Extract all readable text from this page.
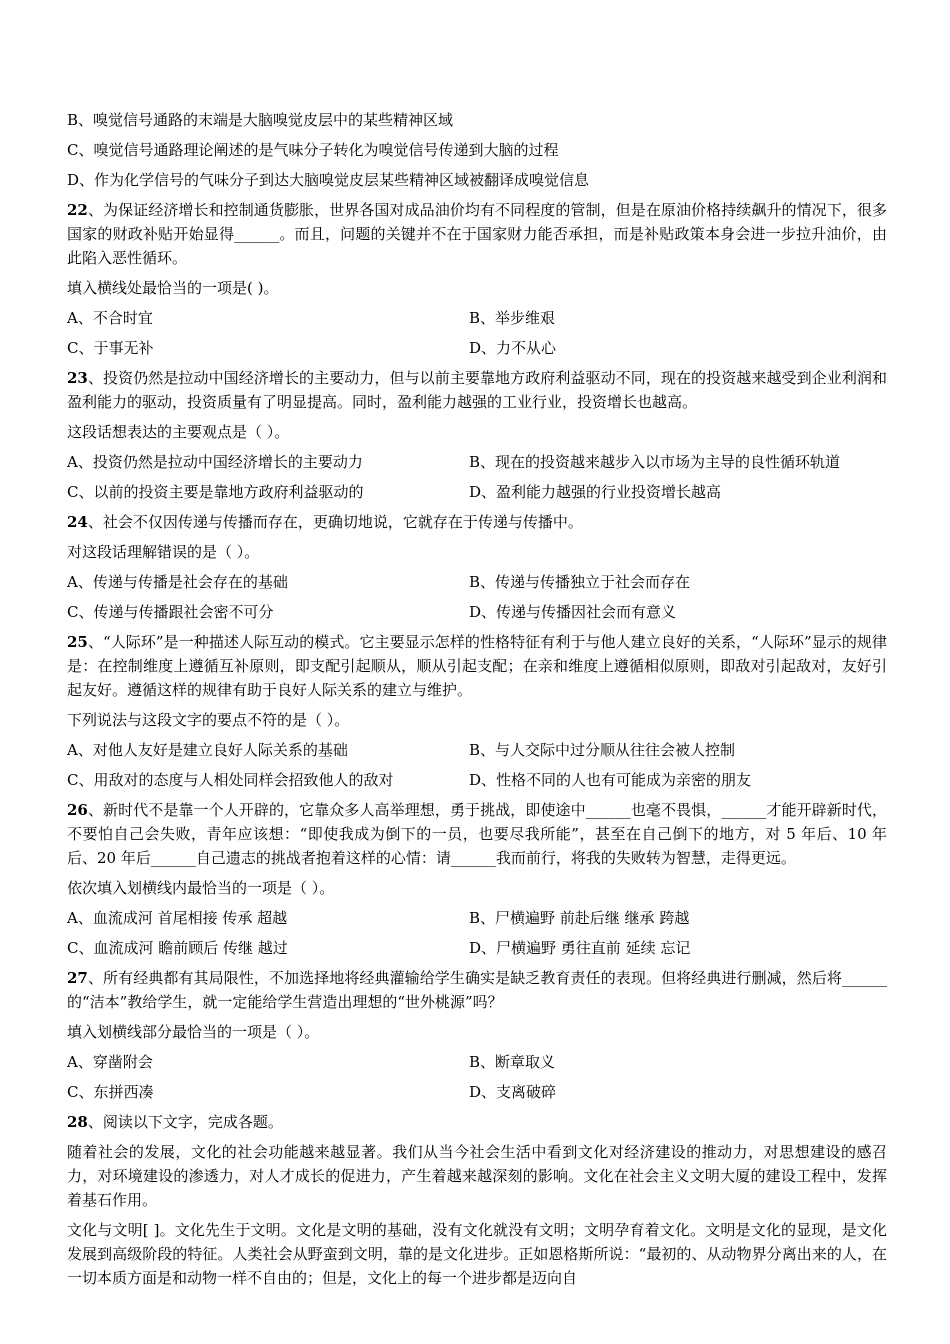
B、嗅觉信号通路的末端是大脑嗅觉皮层中的某些精神区域
C、嗅觉信号通路理论阐述的是气味分子转化为嗅觉信号传递到大脑的过程
D、作为化学信号的气味分子到达大脑嗅觉皮层某些精神区域被翻译成嗅觉信息
22、为保证经济增长和控制通货膨胀，世界各国对成品油价均有不同程度的管制，但是在原油价格持续飙升的情况下，很多国家的财政补贴开始显得______。而且，问题的关键并不在于国家财力能否承担，而是补贴政策本身会进一步拉升油价，由此陷入恶性循环。
填入横线处最恰当的一项是( )。
A、不合时宜	B、举步维艰
C、于事无补	D、力不从心
23、投资仍然是拉动中国经济增长的主要动力，但与以前主要靠地方政府利益驱动不同，现在的投资越来越受到企业利润和盈利能力的驱动，投资质量有了明显提高。同时，盈利能力越强的工业行业，投资增长也越高。
这段话想表达的主要观点是（ ）。
A、投资仍然是拉动中国经济增长的主要动力	B、现在的投资越来越步入以市场为主导的良性循环轨道
C、以前的投资主要是靠地方政府利益驱动的	D、盈利能力越强的行业投资增长越高
24、社会不仅因传递与传播而存在，更确切地说，它就存在于传递与传播中。
对这段话理解错误的是（ ）。
A、传递与传播是社会存在的基础	B、传递与传播独立于社会而存在
C、传递与传播跟社会密不可分	D、传递与传播因社会而有意义
25、“人际环”是一种描述人际互动的模式。它主要显示怎样的性格特征有利于与他人建立良好的关系，“人际环”显示的规律是：在控制维度上遵循互补原则，即支配引起顺从，顺从引起支配；在亲和维度上遵循相似原则，即敌对引起敌对，友好引起友好。遵循这样的规律有助于良好人际关系的建立与维护。
下列说法与这段文字的要点不符的是（ ）。
A、对他人友好是建立良好人际关系的基础	B、与人交际中过分顺从往往会被人控制
C、用敌对的态度与人相处同样会招致他人的敌对	D、性格不同的人也有可能成为亲密的朋友
26、新时代不是靠一个人开辟的，它靠众多人高举理想，勇于挑战，即使途中______也毫不畏惧，______才能开辟新时代，不要怕自己会失败，青年应该想：“即使我成为倒下的一员，也要尽我所能”，甚至在自己倒下的地方，对 5 年后、10 年后、20 年后______自己遗志的挑战者抱着这样的心情：请______我而前行，将我的失败转为智慧，走得更远。
依次填入划横线内最恰当的一项是（ ）。
A、血流成河 首尾相接 传承 超越	B、尸横遍野 前赴后继 继承 跨越
C、血流成河 瞻前顾后 传继 越过	D、尸横遍野 勇往直前 延续 忘记
27、所有经典都有其局限性，不加选择地将经典灌输给学生确实是缺乏教育责任的表现。但将经典进行删减，然后将______的“洁本”教给学生，就一定能给学生营造出理想的“世外桃源”吗？
填入划横线部分最恰当的一项是（ ）。
A、穿凿附会	B、断章取义
C、东拼西凑	D、支离破碎
28、阅读以下文字，完成各题。
随着社会的发展，文化的社会功能越来越显著。我们从当今社会生活中看到文化对经济建设的推动力，对思想建设的感召力，对环境建设的渗透力，对人才成长的促进力，产生着越来越深刻的影响。文化在社会主义文明大厦的建设工程中，发挥着基石作用。
文化与文明[ ]。文化先生于文明。文化是文明的基础，没有文化就没有文明；文明孕育着文化。文明是文化的显现，是文化发展到高级阶段的特征。人类社会从野蛮到文明，靠的是文化进步。正如恩格斯所说：“最初的、从动物界分离出来的人，在一切本质方面是和动物一样不自由的；但是，文化上的每一个进步都是迈向自
